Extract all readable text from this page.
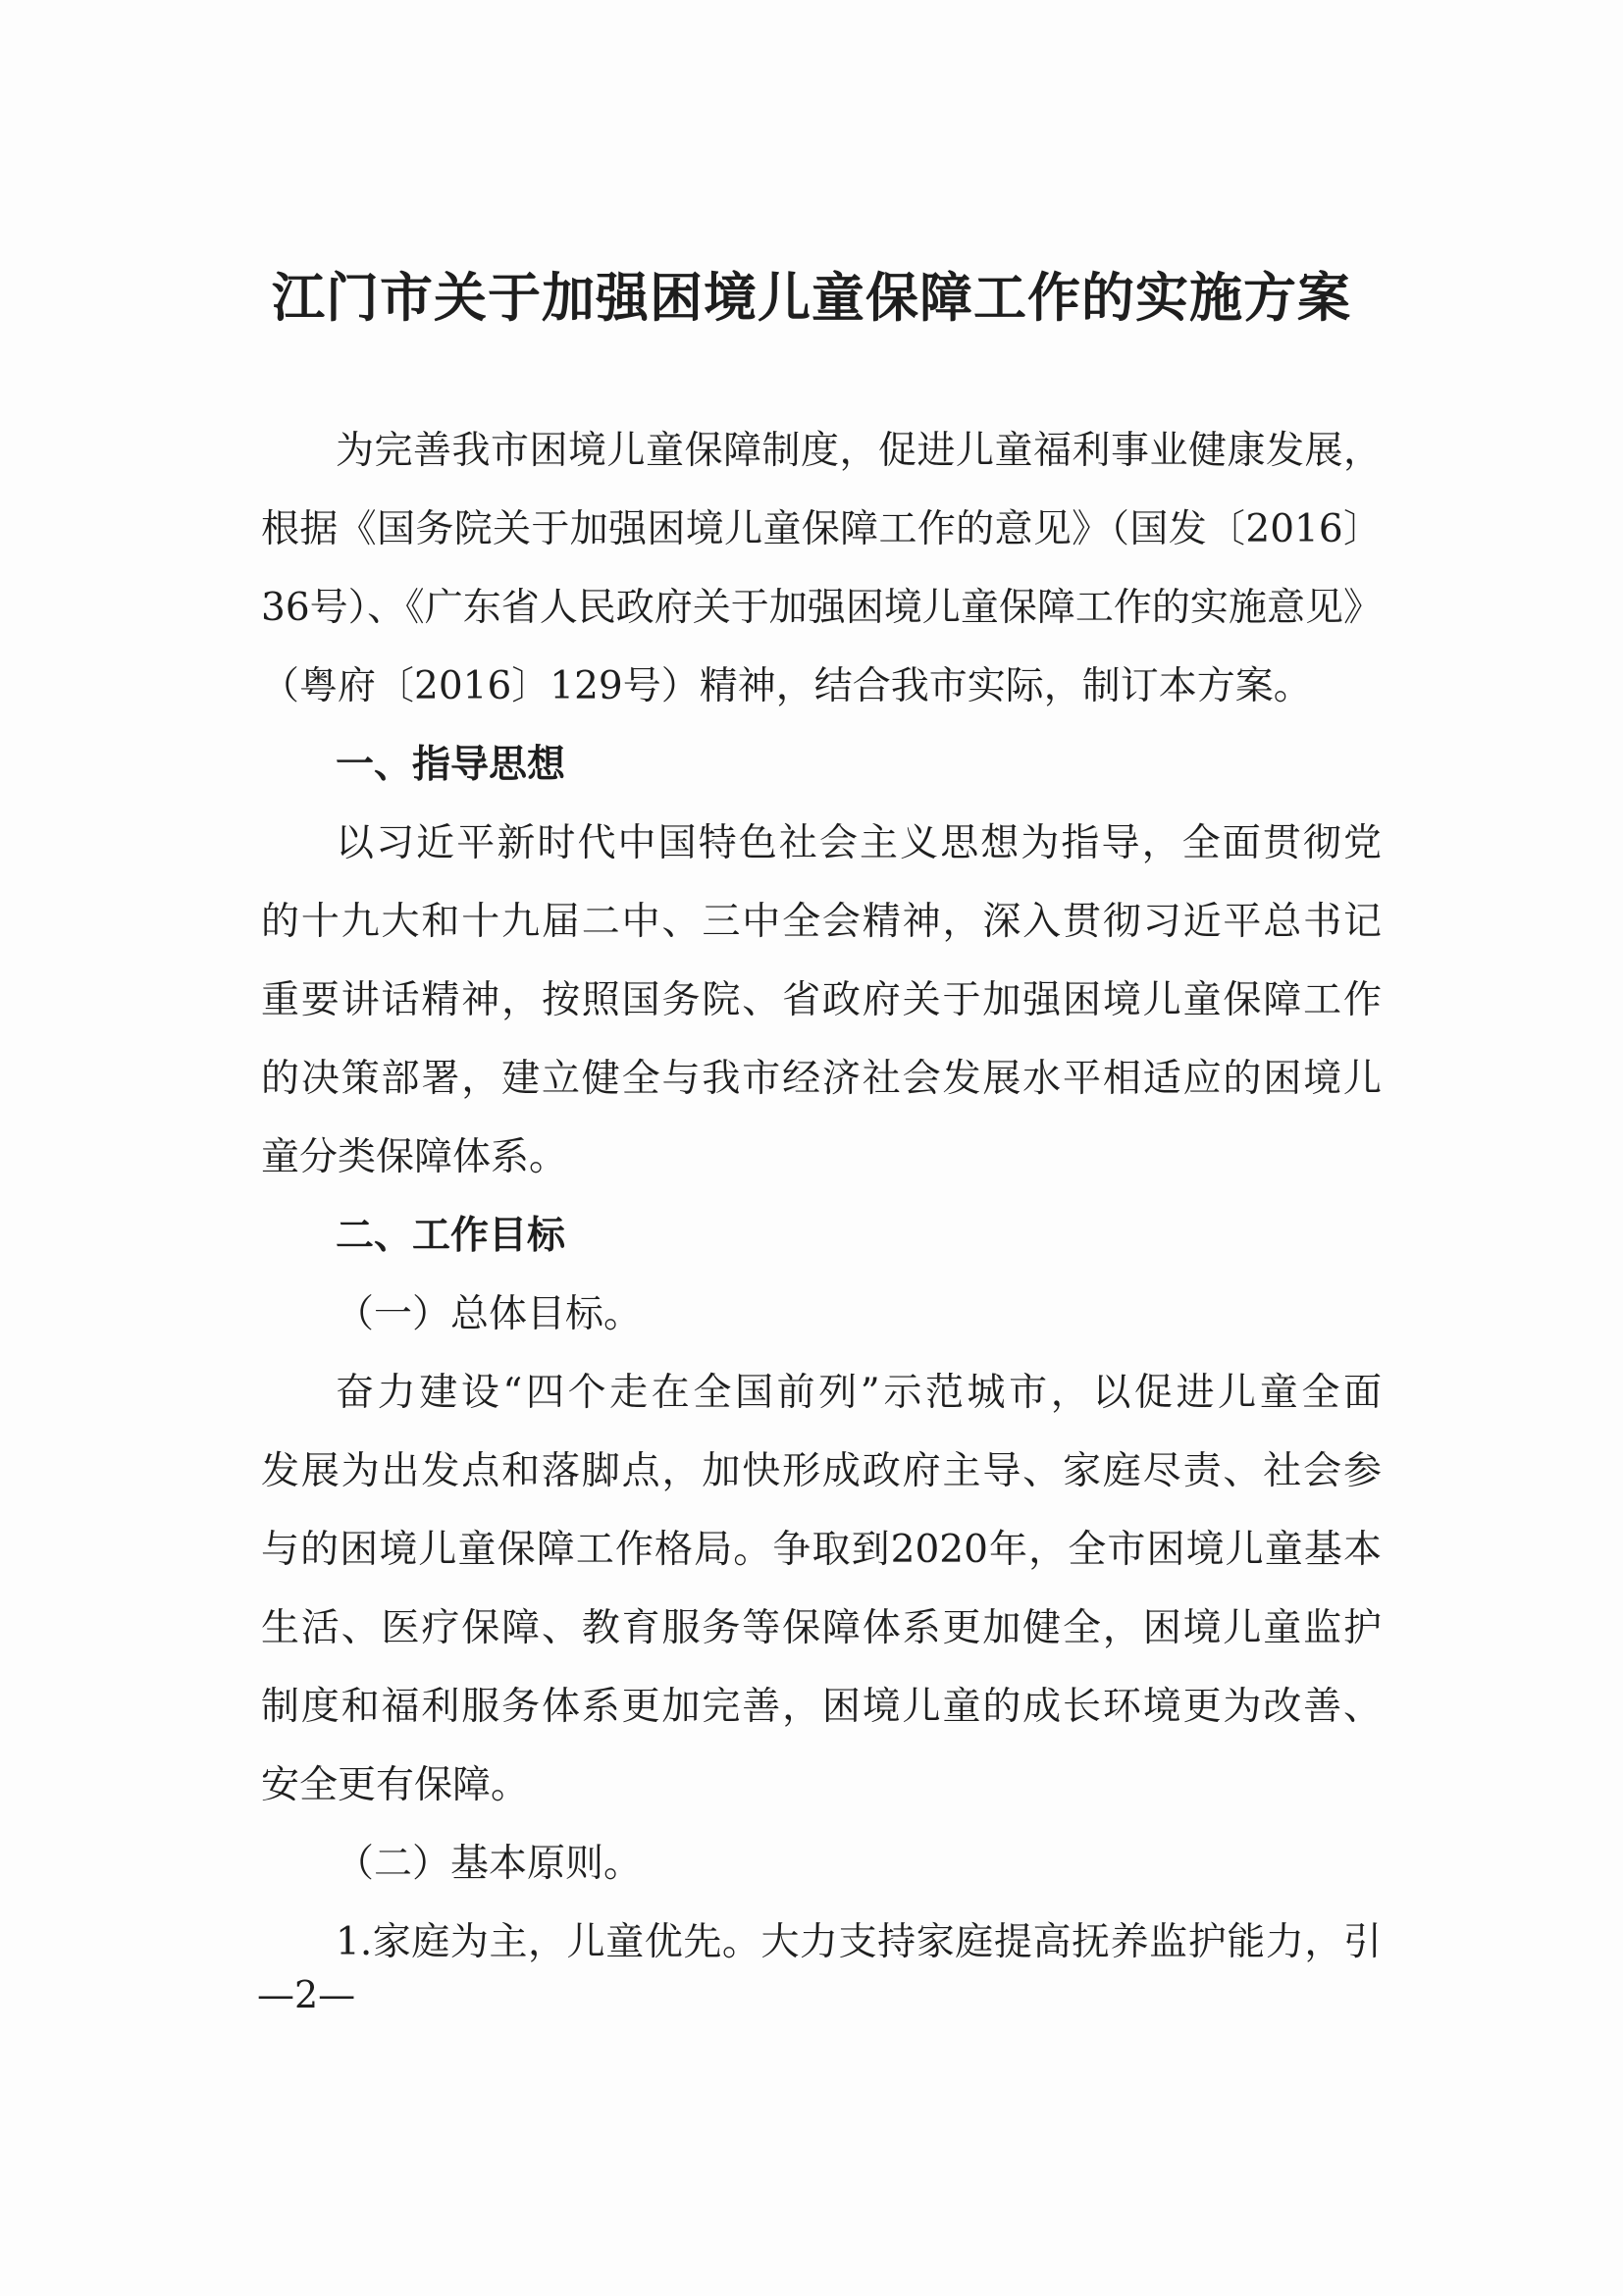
江门市关于加强困境儿童保障工作的实施方案
为完善我市困境儿童保障制度，促进儿童福利事业健康发展，
根据《国务院关于加强困境儿童保障工作的意见》（国发〔2016〕
36号）、《广东省人民政府关于加强困境儿童保障工作的实施意见》
（粤府〔2016〕129号）精神，结合我市实际，制订本方案。
一、指导思想
以习近平新时代中国特色社会主义思想为指导，全面贯彻党
的十九大和十九届二中、三中全会精神，深入贯彻习近平总书记
重要讲话精神，按照国务院、省政府关于加强困境儿童保障工作
的决策部署，建立健全与我市经济社会发展水平相适应的困境儿
童分类保障体系。
二、工作目标
（一）总体目标。
奋力建设“四个走在全国前列”示范城市，以促进儿童全面
发展为出发点和落脚点，加快形成政府主导、家庭尽责、社会参
与的困境儿童保障工作格局。争取到2020年，全市困境儿童基本
生活、医疗保障、教育服务等保障体系更加健全，困境儿童监护
制度和福利服务体系更加完善，困境儿童的成长环境更为改善、
安全更有保障。
（二）基本原则。
1.家庭为主，儿童优先。大力支持家庭提高抚养监护能力，引
—2—
